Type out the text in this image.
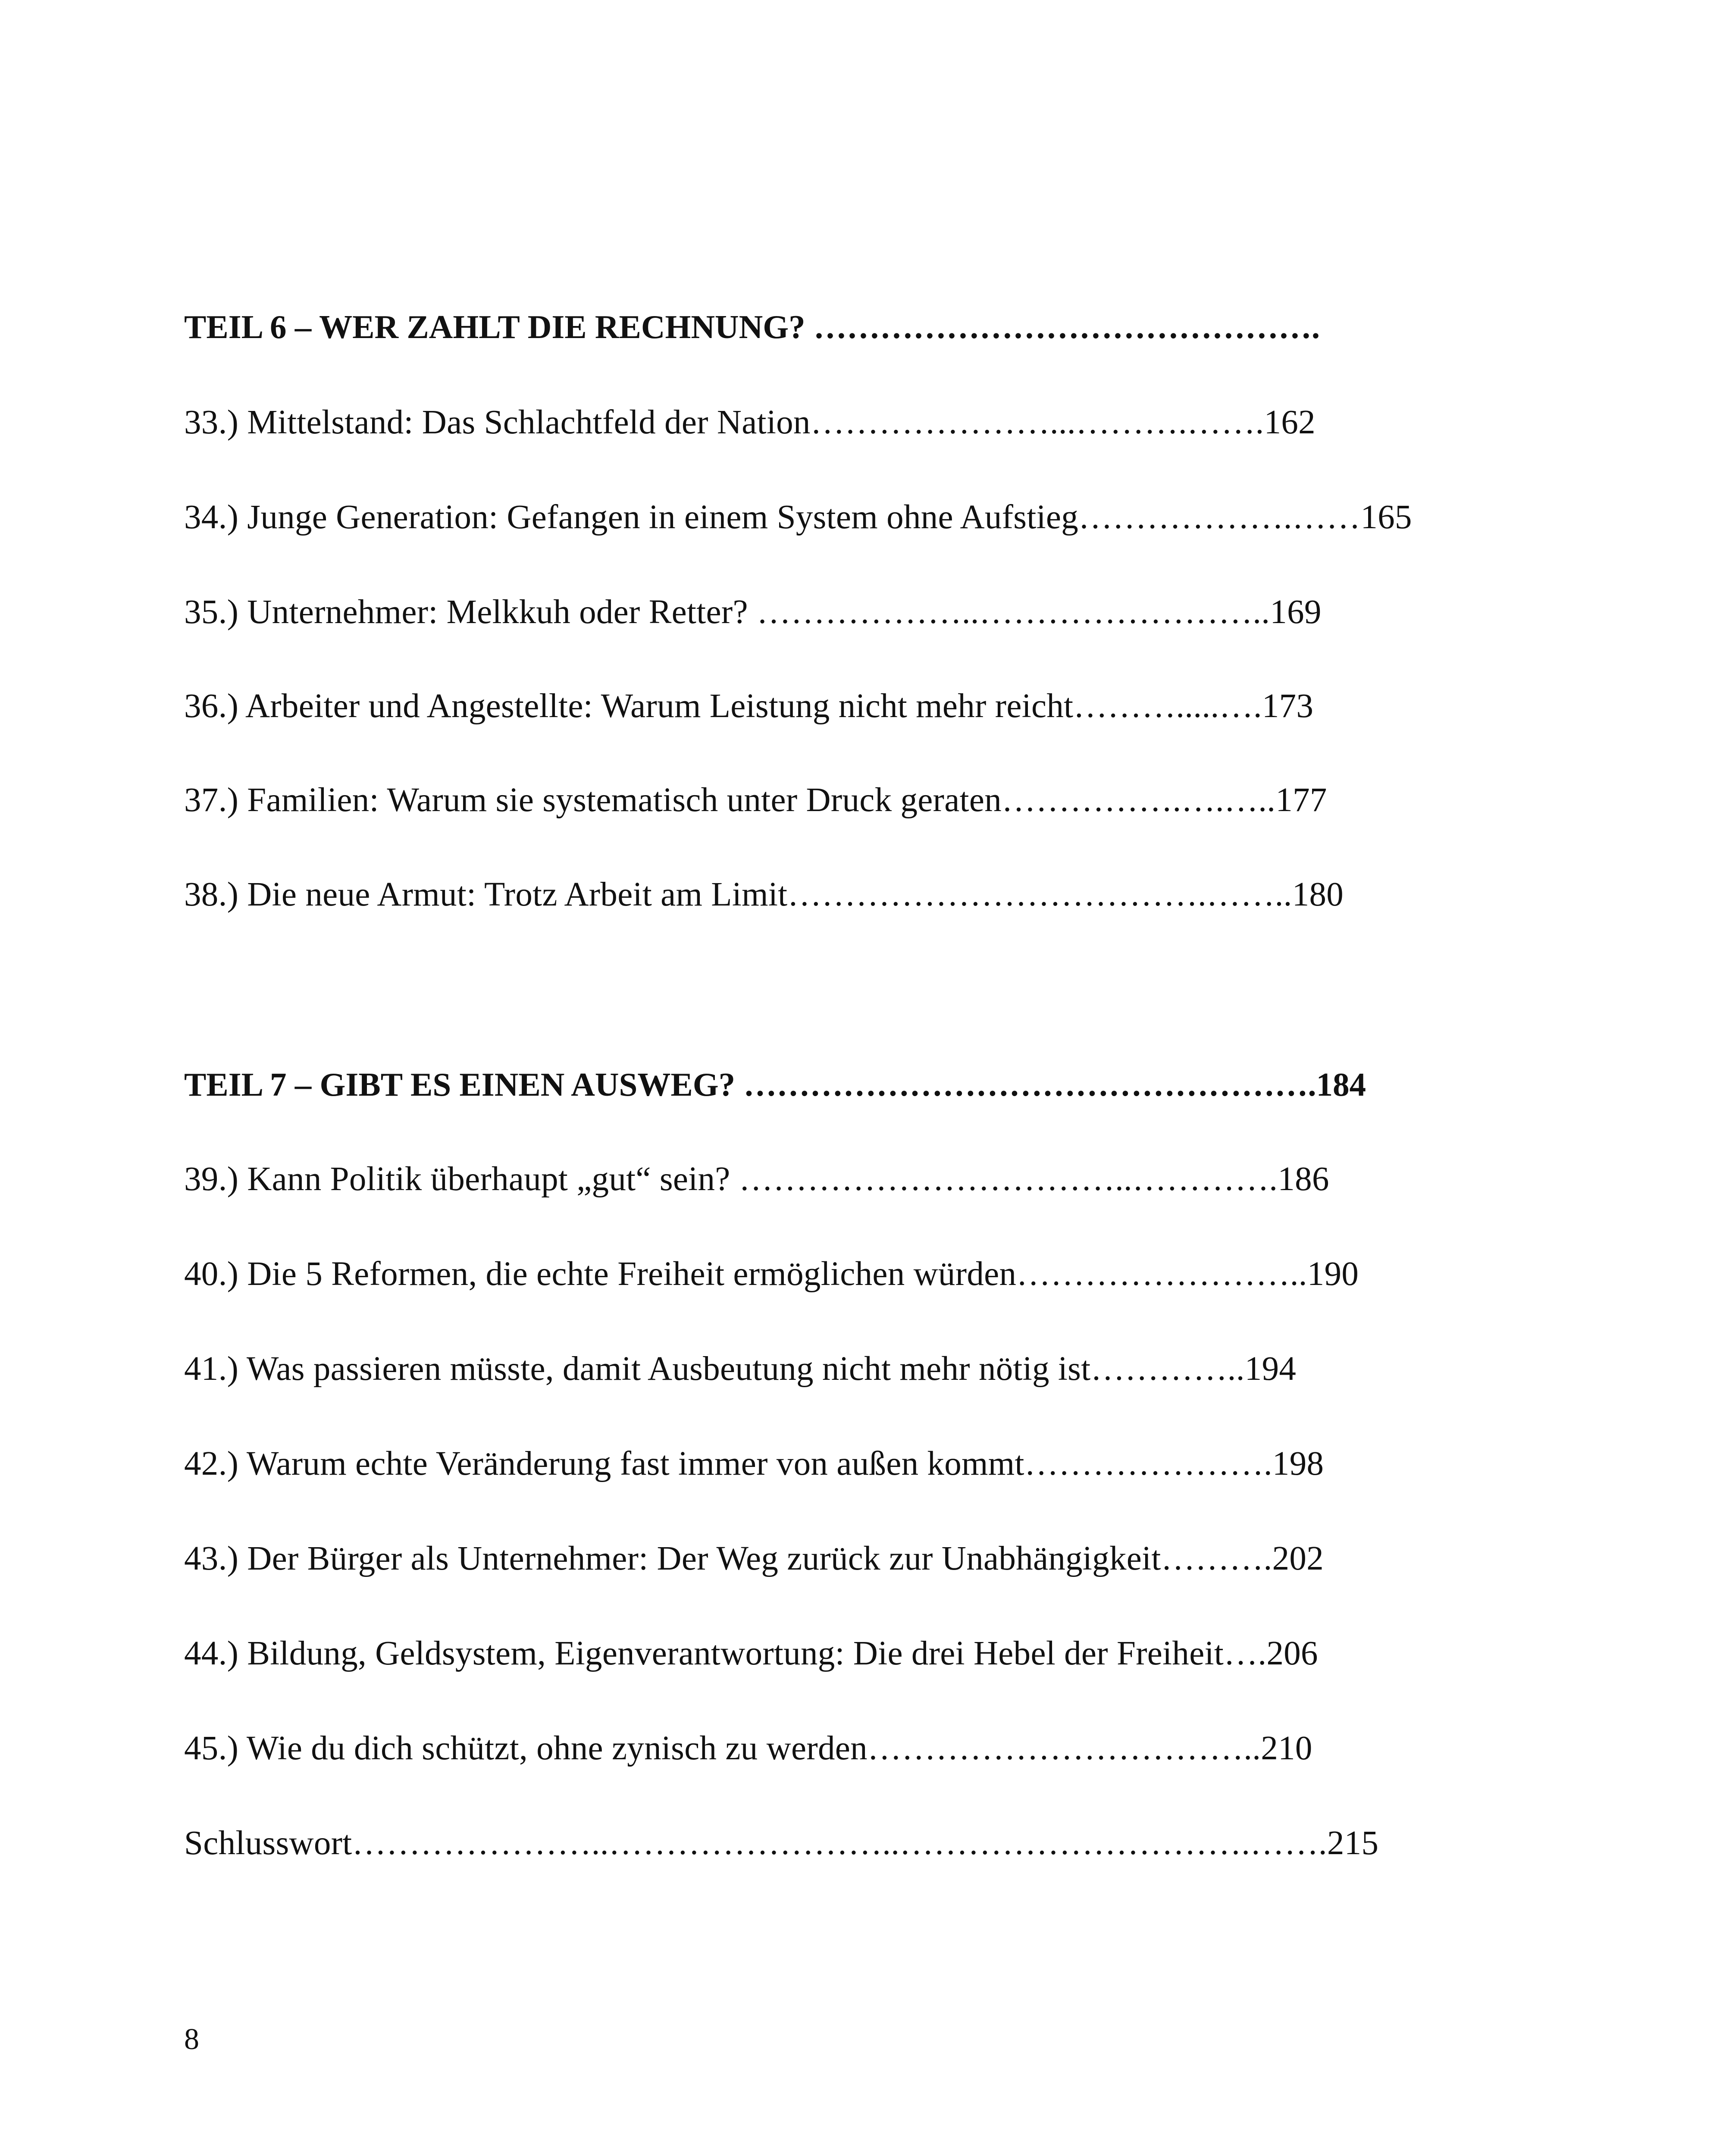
TEIL 6 – WER ZAHLT DIE RECHNUNG? ……………………………………….
33.) Mittelstand: Das Schlachtfeld der Nation…………………...……….…….162
34.) Junge Generation: Gefangen in einem System ohne Aufstieg……………….……165
35.) Unternehmer: Melkkuh oder Retter? ………………..……………………..169
36.) Arbeiter und Angestellte: Warum Leistung nicht mehr reicht……….....….173
37.) Familien: Warum sie systematisch unter Druck geraten…………….….…..177
38.) Die neue Armut: Trotz Arbeit am Limit……………………………….……..180
TEIL 7 – GIBT ES EINEN AUSWEG? …………………………………………….184
39.) Kann Politik überhaupt „gut“ sein? ……………………………..………….186
40.) Die 5 Reformen, die echte Freiheit ermöglichen würden……………………..190
41.) Was passieren müsste, damit Ausbeutung nicht mehr nötig ist…………..194
42.) Warum echte Veränderung fast immer von außen kommt………………….198
43.) Der Bürger als Unternehmer: Der Weg zurück zur Unabhängigkeit……….202
44.) Bildung, Geldsystem, Eigenverantwortung: Die drei Hebel der Freiheit….206
45.) Wie du dich schützt, ohne zynisch zu werden……………………………..210
Schlusswort…………………..……………………..………………………….…….215
8
